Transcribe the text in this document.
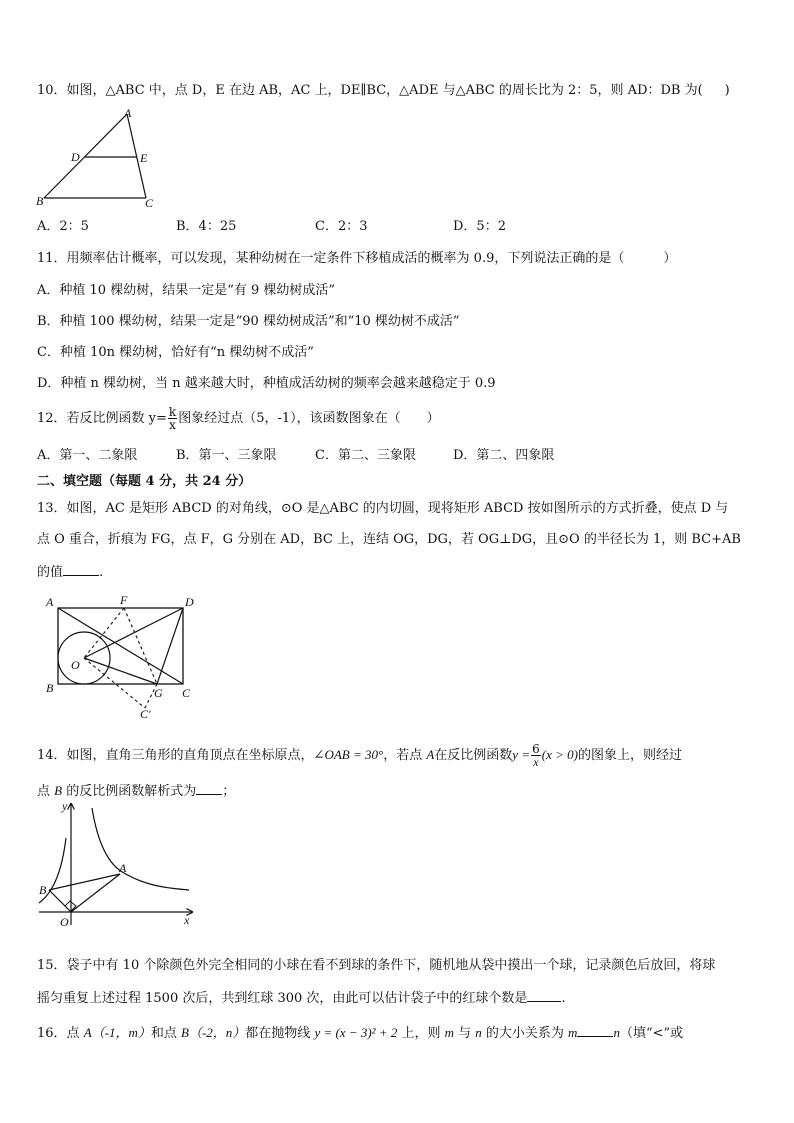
10．如图，△ABC 中，点 D，E 在边 AB，AC 上，DE∥BC，△ADE 与△ABC 的周长比为 2：5，则 AD：DB 为( )
A
D	E
B	C
A．2：5	B．4：25	C．2：3	D．5：2
11．用频率估计概率，可以发现，某种幼树在一定条件下移植成活的概率为 0.9，下列说法正确的是（　　　）
A．种植 10 棵幼树，结果一定是“有 9 棵幼树成活”
B．种植 100 棵幼树，结果一定是“90 棵幼树成活”和“10 棵幼树不成活”
C．种植 10n 棵幼树，恰好有“n 棵幼树不成活”
D．种植 n 棵幼树，当 n 越来越大时，种植成活幼树的频率会越来越稳定于 0.9
12．若反比例函数 $y= \frac{k}{x}$ 图象经过点（5，-1），该函数图象在（　　）
A．第一、二象限	B．第一、三象限	C．第二、三象限	D．第二、四象限
二、填空题（每题 4 分，共 24 分）
13．如图，AC 是矩形 ABCD 的对角线，⊙O 是△ABC 的内切圆，现将矩形 ABCD 按如图所示的方式折叠，使点 D 与
点 O 重合，折痕为 FG，点 F，G 分别在 AD，BC 上，连结 OG，DG，若 OG⊥DG，且⊙O 的半径长为 1，则 BC+AB
的值	.
A	F	D
O
B	G C
C'
14．如图，直角三角形的直角顶点在坐标原点，∠OAB = 30°，若点 A在反比例函数$y = \frac{6}{x} (x > 0)$的图象上，则经过
点 B 的反比例函数解析式为 ；
y
x
O
A
B
15．袋子中有 10 个除颜色外完全相同的小球在看不到球的条件下，随机地从袋中摸出一个球，记录颜色后放回，将球
摇匀重复上述过程 1500 次后，共到红球 300 次，由此可以估计袋子中的红球个数是	.
16．点 A（-1，m）和点 B（-2，n）都在抛物线 y = (x − 3)² + 2 上，则 m 与 n 的大小关系为 m	n（填“<”或
